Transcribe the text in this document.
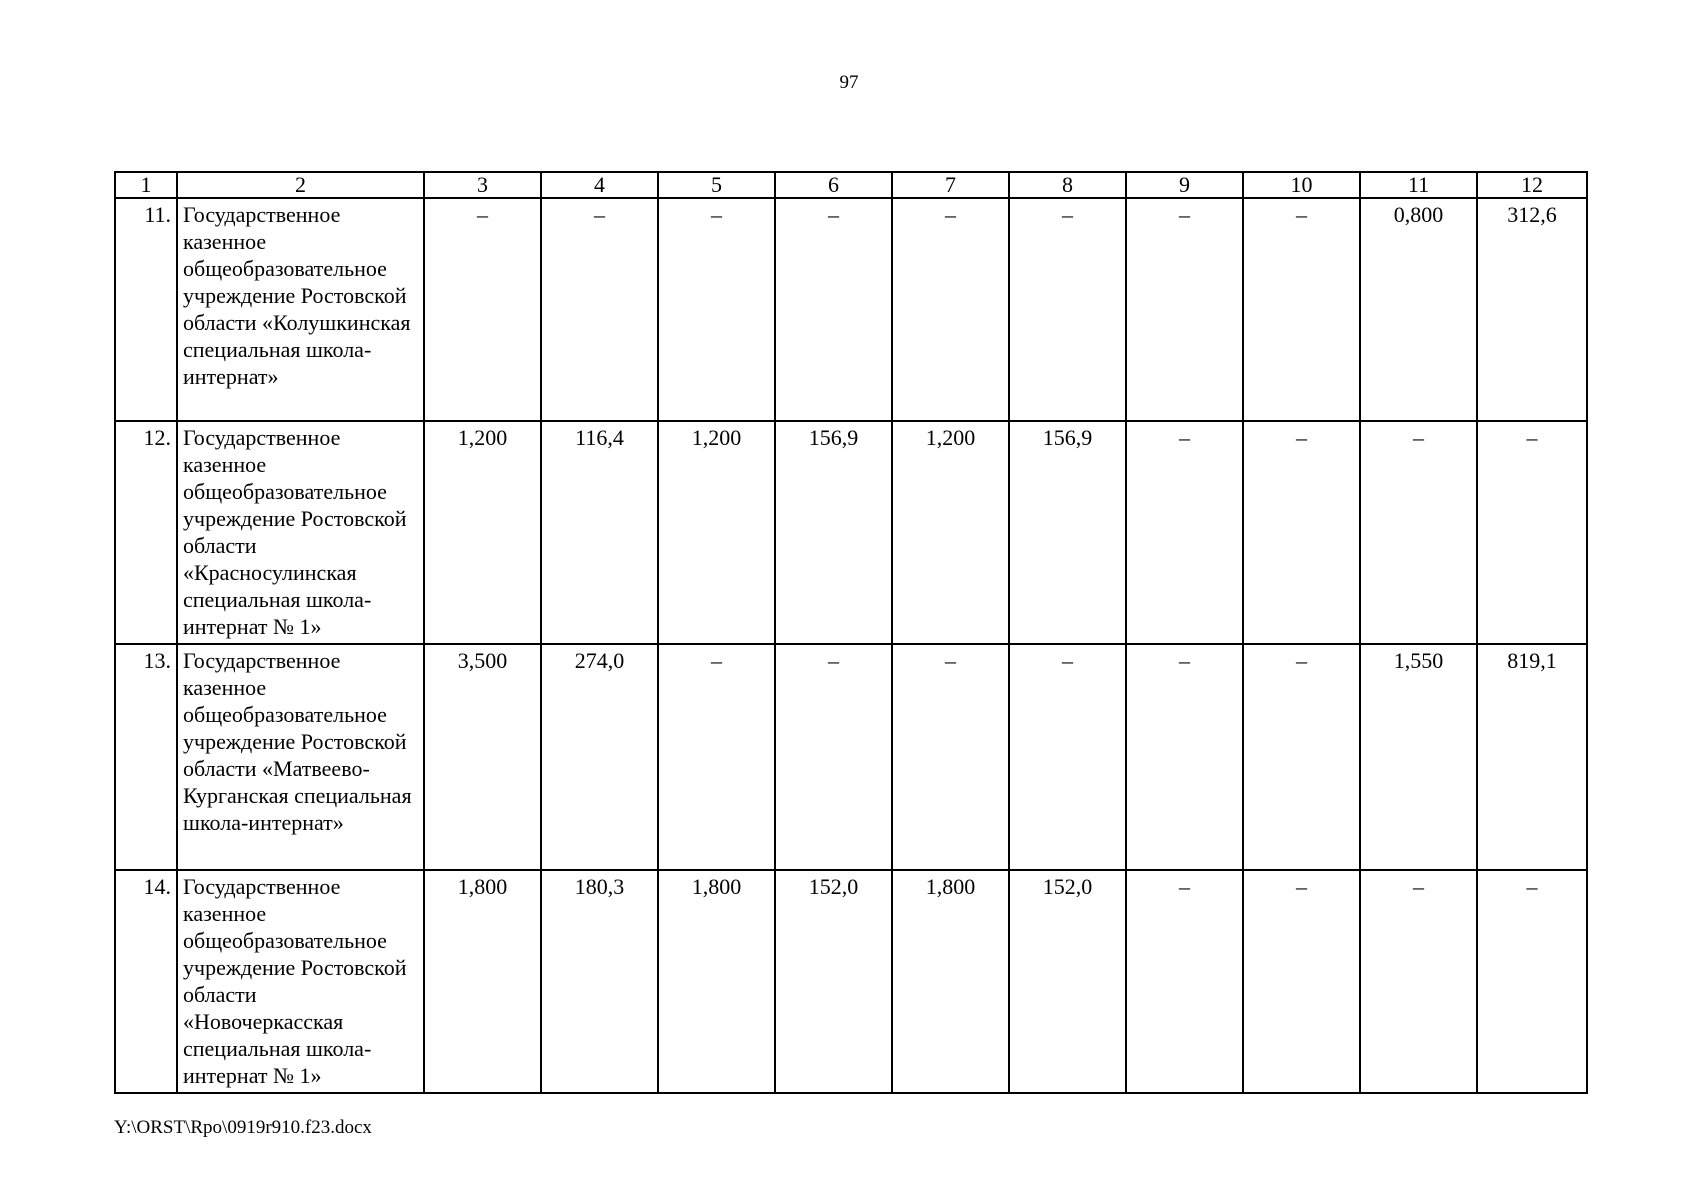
97
1	2	3	4	5	6	7	8	9	10	11	12
11.	Государственное казенное общеобразовательное учреждение Ростовской области «Колушкинская специальная школа-интернат»	–	–	–	–	–	–	–	–	0,800	312,6
12.	Государственное казенное общеобразовательное учреждение Ростовской области «Красносулинская специальная школа-интернат № 1»	1,200	116,4	1,200	156,9	1,200	156,9	–	–	–	–
13.	Государственное казенное общеобразовательное учреждение Ростовской области «Матвеево-Курганская специальная школа-интернат»	3,500	274,0	–	–	–	–	–	–	1,550	819,1
14.	Государственное казенное общеобразовательное учреждение Ростовской области «Новочеркасская специальная школа-интернат № 1»	1,800	180,3	1,800	152,0	1,800	152,0	–	–	–	–
Y:\ORST\Rpo\0919r910.f23.docx
